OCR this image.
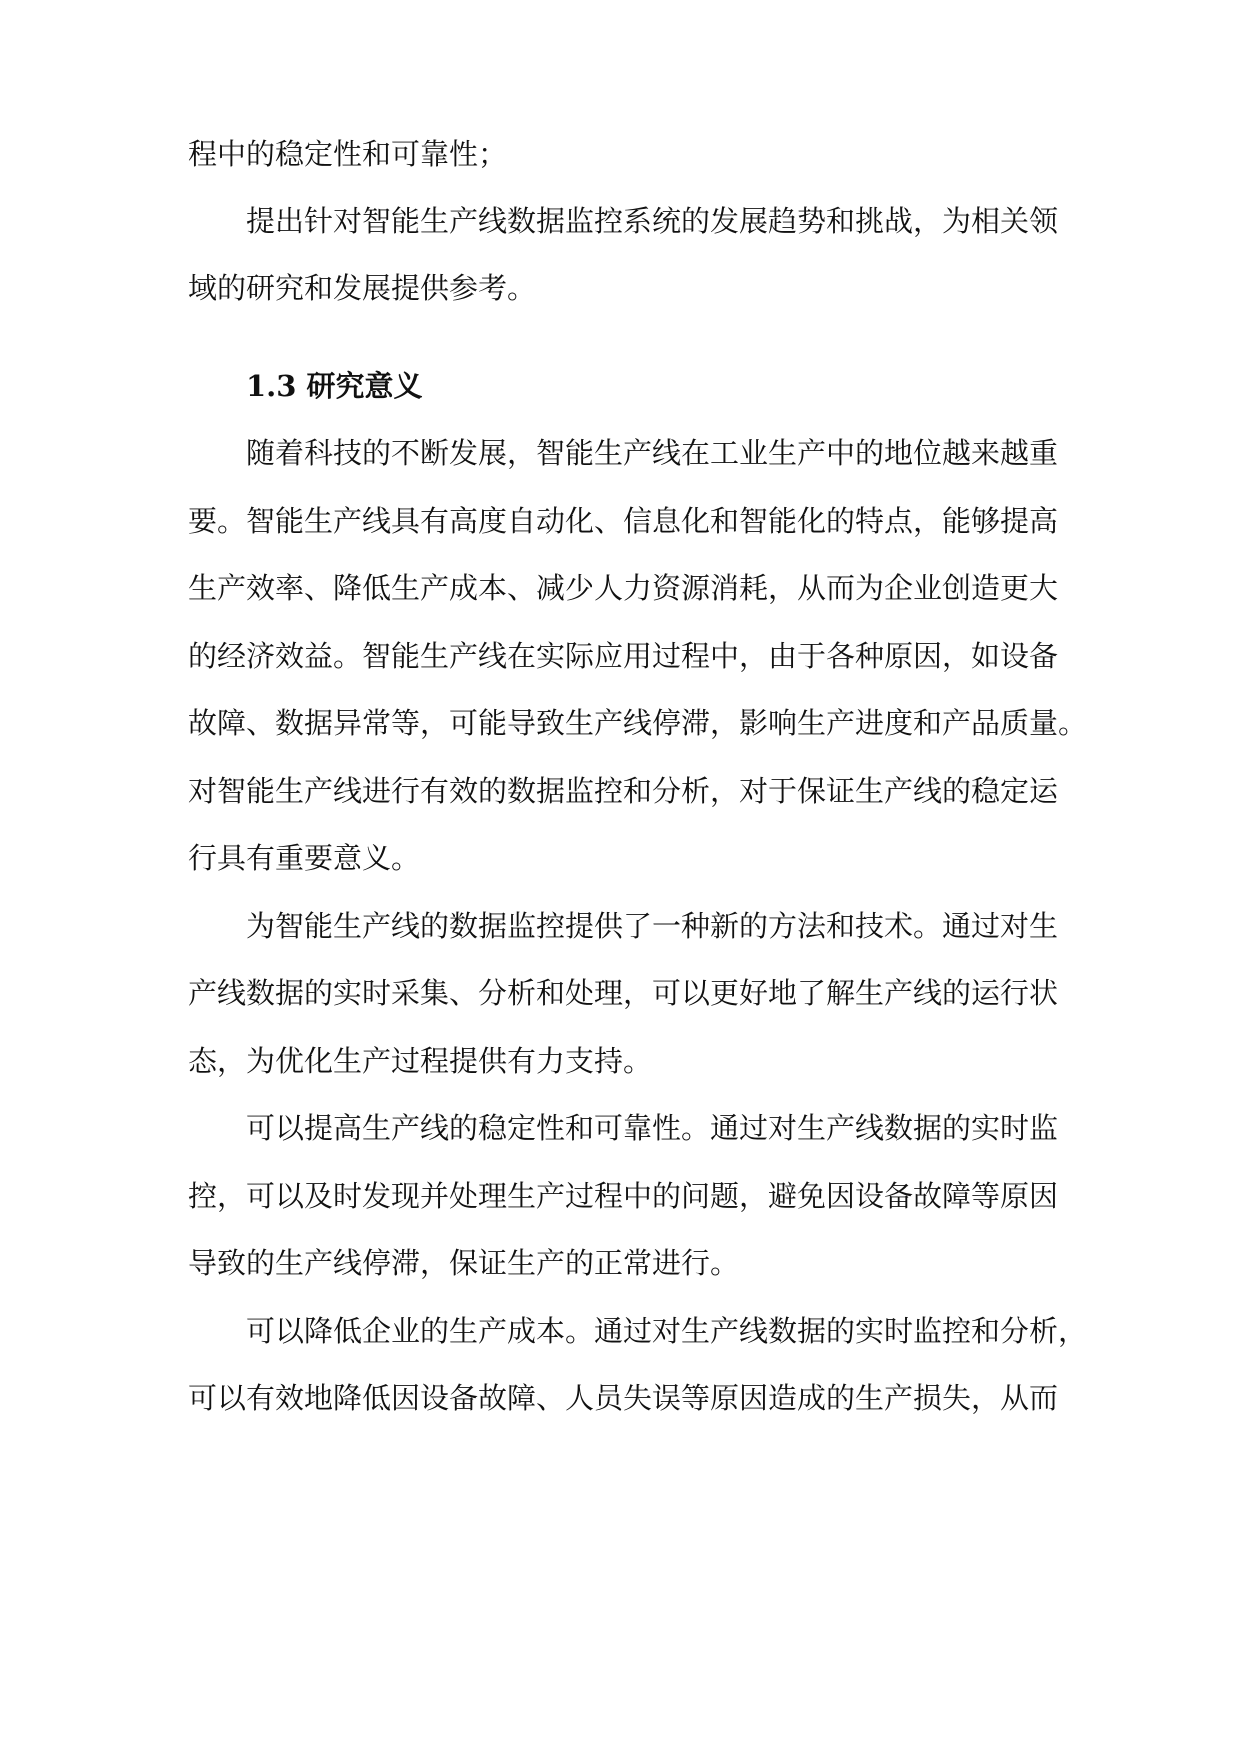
程中的稳定性和可靠性；
提出针对智能生产线数据监控系统的发展趋势和挑战，为相关领
域的研究和发展提供参考。
1.3 研究意义
随着科技的不断发展，智能生产线在工业生产中的地位越来越重
要。智能生产线具有高度自动化、信息化和智能化的特点，能够提高
生产效率、降低生产成本、减少人力资源消耗，从而为企业创造更大
的经济效益。智能生产线在实际应用过程中，由于各种原因，如设备
故障、数据异常等，可能导致生产线停滞，影响生产进度和产品质量。
对智能生产线进行有效的数据监控和分析，对于保证生产线的稳定运
行具有重要意义。
为智能生产线的数据监控提供了一种新的方法和技术。通过对生
产线数据的实时采集、分析和处理，可以更好地了解生产线的运行状
态，为优化生产过程提供有力支持。
可以提高生产线的稳定性和可靠性。通过对生产线数据的实时监
控，可以及时发现并处理生产过程中的问题，避免因设备故障等原因
导致的生产线停滞，保证生产的正常进行。
可以降低企业的生产成本。通过对生产线数据的实时监控和分析，
可以有效地降低因设备故障、人员失误等原因造成的生产损失，从而
